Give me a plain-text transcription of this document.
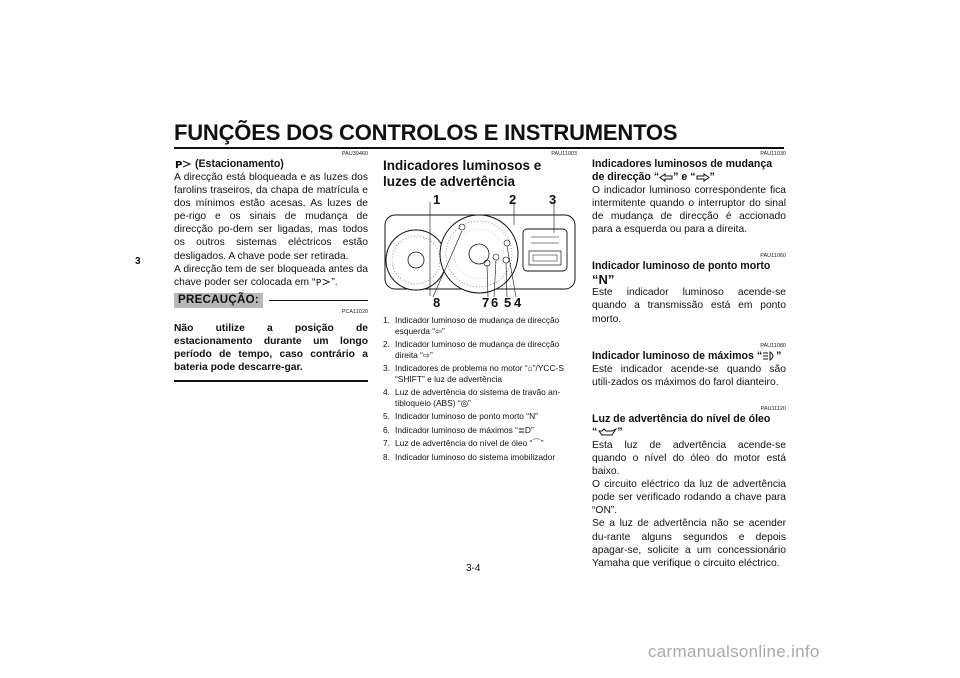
FUNÇÕES DOS CONTROLOS E INSTRUMENTOS
3
PAU39460
P (Estacionamento)

A direcção está bloqueada e as luzes dos farolins traseiros, da chapa de matrícula e dos mínimos estão acesas. As luzes de pe-rigo e os sinais de mudança de direcção po-dem ser ligadas, mas todos os outros sistemas eléctricos estão desligados. A chave pode ser retirada.

A direcção tem de ser bloqueada antes da chave poder ser colocada em “ P ”.

PRECAUÇÃO:
PCA11020

Não utilize a posição de estacionamento durante um longo período de tempo, caso contrário a bateria pode descarre-gar.

PAU11003
Indicadores luminosos e luzes de advertência
1	2	3
8	7 6 5 4
1. Indicador luminoso de mudança de direcção esquerda “⇦”
2. Indicador luminoso de mudança de direcção direita “⇨”
3. Indicadores de problema no motor “⌂”/YCC-S “SHIFT” e luz de advertência
4. Luz de advertência do sistema de travão an-tibloqueio (ABS) “◎”
5. Indicador luminoso de ponto morto “N”
6. Indicador luminoso de máximos “≣D”
7. Luz de advertência do nível de óleo “⌒”
8. Indicador luminoso do sistema imobilizador
PAU11030
Indicadores luminosos de mudança de direcção “ ” e “ ”

O indicador luminoso correspondente fica intermitente quando o interruptor do sinal de mudança de direcção é accionado para a esquerda ou para a direita.

PAU11060
Indicador luminoso de ponto morto
“N”

Este indicador luminoso acende-se quando a transmissão está em ponto morto.

PAU11080
Indicador luminoso de máximos “ ”

Este indicador acende-se quando são utili-zados os máximos do farol dianteiro.

PAU11120
Luz de advertência do nível de óleo
“ ”

Esta luz de advertência acende-se quando o nível do óleo do motor está baixo.

O circuito eléctrico da luz de advertência pode ser verificado rodando a chave para “ON”.

Se a luz de advertência não se acender du-rante alguns segundos e depois apagar-se, solicite a um concessionário Yamaha que verifique o circuito eléctrico.

3-4
carmanualsonline.info
